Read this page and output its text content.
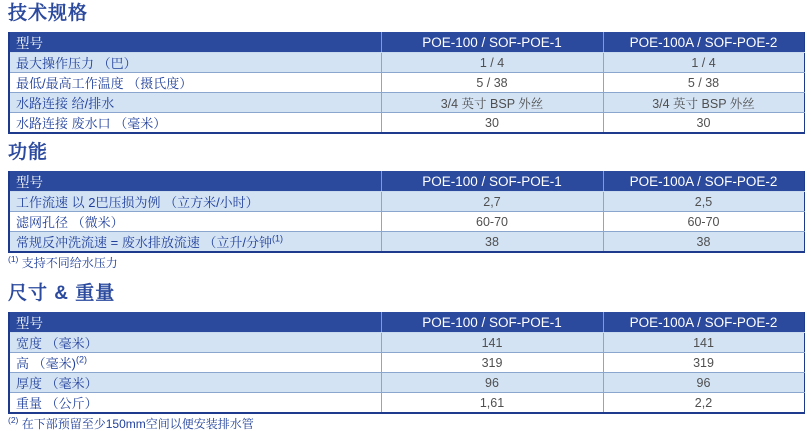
技术规格
型号	POE-100 / SOF-POE-1	POE-100A / SOF-POE-2
最大操作压力 （巴）	1 / 4	1 / 4
最低/最高工作温度 （摄氏度）	5 / 38	5 / 38
水路连接 给/排水	3/4 英寸 BSP 外丝	3/4 英寸 BSP 外丝
水路连接 废水口 （毫米）	30	30
功能
型号	POE-100 / SOF-POE-1	POE-100A / SOF-POE-2
工作流速 以 2巴压损为例 （立方米/小时）	2,7	2,5
滤网孔径 （微米）	60-70	60-70
常规反冲洗流速 = 废水排放流速 （立升/分钟$^{(1)}$	38	38
$^{(1)}$ 支持不同给水压力
尺寸 & 重量
型号	POE-100 / SOF-POE-1	POE-100A / SOF-POE-2
宽度 （毫米）	141	141
高 （毫米)$^{(2)}$	319	319
厚度 （毫米）	96	96
重量 （公斤）	1,61	2,2
$^{(2)}$ 在下部预留至少150mm空间以便安装排水管
